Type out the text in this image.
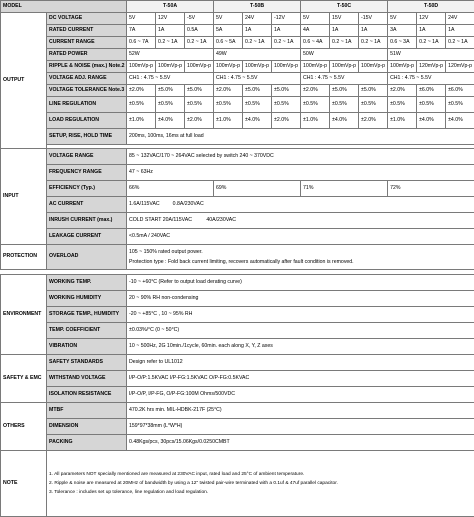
MODEL		T-50A			T-50B			T-50C			T-50D		
OUTPUT	DC VOLTAGE	5V	12V	-5V	5V	24V	-12V	5V	15V	-15V	5V	12V	24V
	RATED CURRENT	7A	1A	0.5A	5A	1A	1A	4A	1A	1A	3A	1A	1A
	CURRENT RANGE	0.6 ~ 7A	0.2 ~ 1A	0.2 ~ 1A	0.6 ~ 5A	0.2 ~ 1A	0.2 ~ 1A	0.6 ~ 4A	0.2 ~ 1A	0.2 ~ 1A	0.6 ~ 3A	0.2 ~ 1A	0.2 ~ 1A
	RATED POWER	52W			49W			50W			51W		
	RIPPLE & NOISE (max.) Note.2	100mVp-p	100mVp-p	100mVp-p	100mVp-p	100mVp-p	100mVp-p	100mVp-p	100mVp-p	100mVp-p	100mVp-p	120mVp-p	120mVp-p
	VOLTAGE ADJ. RANGE	CH1 : 4.75 ~ 5.5V			CH1 : 4.75 ~ 5.5V			CH1 : 4.75 ~ 5.5V			CH1 : 4.75 ~ 5.5V		
	VOLTAGE TOLERANCE Note.3	±2.0%	±5.0%	±5.0%	±2.0%	±5.0%	±5.0%	±2.0%	±5.0%	±5.0%	±2.0%	±6.0%	±6.0%
	LINE REGULATION	±0.5%	±0.5%	±0.5%	±0.5%	±0.5%	±0.5%	±0.5%	±0.5%	±0.5%	±0.5%	±0.5%	±0.5%
	LOAD REGULATION	±1.0%	±4.0%	±2.0%	±1.0%	±4.0%	±2.0%	±1.0%	±4.0%	±2.0%	±1.0%	±4.0%	±4.0%
	SETUP, RISE, HOLD TIME	200ms, 100ms, 16ms at full load											

INPUT	VOLTAGE RANGE	85 ~ 132VAC/170 ~ 264VAC selected by switch 240 ~ 370VDC											
	FREQUENCY RANGE	47 ~ 63Hz											
	EFFICIENCY (Typ.)	66%			69%			71%			72%		
	AC CURRENT	1.6A/115VAC         0.8A/230VAC											
	INRUSH CURRENT (max.)	COLD START 20A/115VAC          40A/230VAC											
	LEAKAGE CURRENT	<0.5mA / 240VAC											
PROTECTION	OVERLOAD	105 ~ 150% rated output power.
Protection type : Fold back current limiting, recovers automatically after fault condition is removed.											

ENVIRONMENT	WORKING TEMP.	-10 ~ +60°C (Refer to output load derating curve)											
	WORKING HUMIDITY	20 ~ 90% RH non-condensing											
	STORAGE TEMP., HUMIDITY	-20 ~ +85°C , 10 ~ 95% RH											
	TEMP. COEFFICIENT	±0.03%/°C (0 ~ 50°C)											
	VIBRATION	10 ~ 500Hz, 2G 10min./1cycle, 60min. each along X, Y, Z axes											
SAFETY & EMC	SAFETY STANDARDS	Design refer to UL1012											
	WITHSTAND VOLTAGE	I/P-O/P:1.5KVAC I/P-FG:1.5KVAC O/P-FG:0.5KVAC											
	ISOLATION RESISTANCE	I/P-O/P, I/P-FG, O/P-FG:100M Ohms/500VDC											
OTHERS	MTBF	470.2K hrs min. MIL-HDBK-217F (25°C)											
	DIMENSION	159*97*38mm (L*W*H)											
	PACKING	0.48Kgs/pcs, 30pcs/15.06Kgs/0.0250CMBT											
NOTE	1. All parameters NOT specially mentioned are measured at 230VAC input, rated load and 25°C of ambient temperature.
2. Ripple & noise are measured at 20MHz of bandwidth by using a 12" twisted pair-wire terminated with a 0.1uf & 47uf parallel capacitor.
3. Tolerance : includes set up tolerance, line regulation and load regulation.												
